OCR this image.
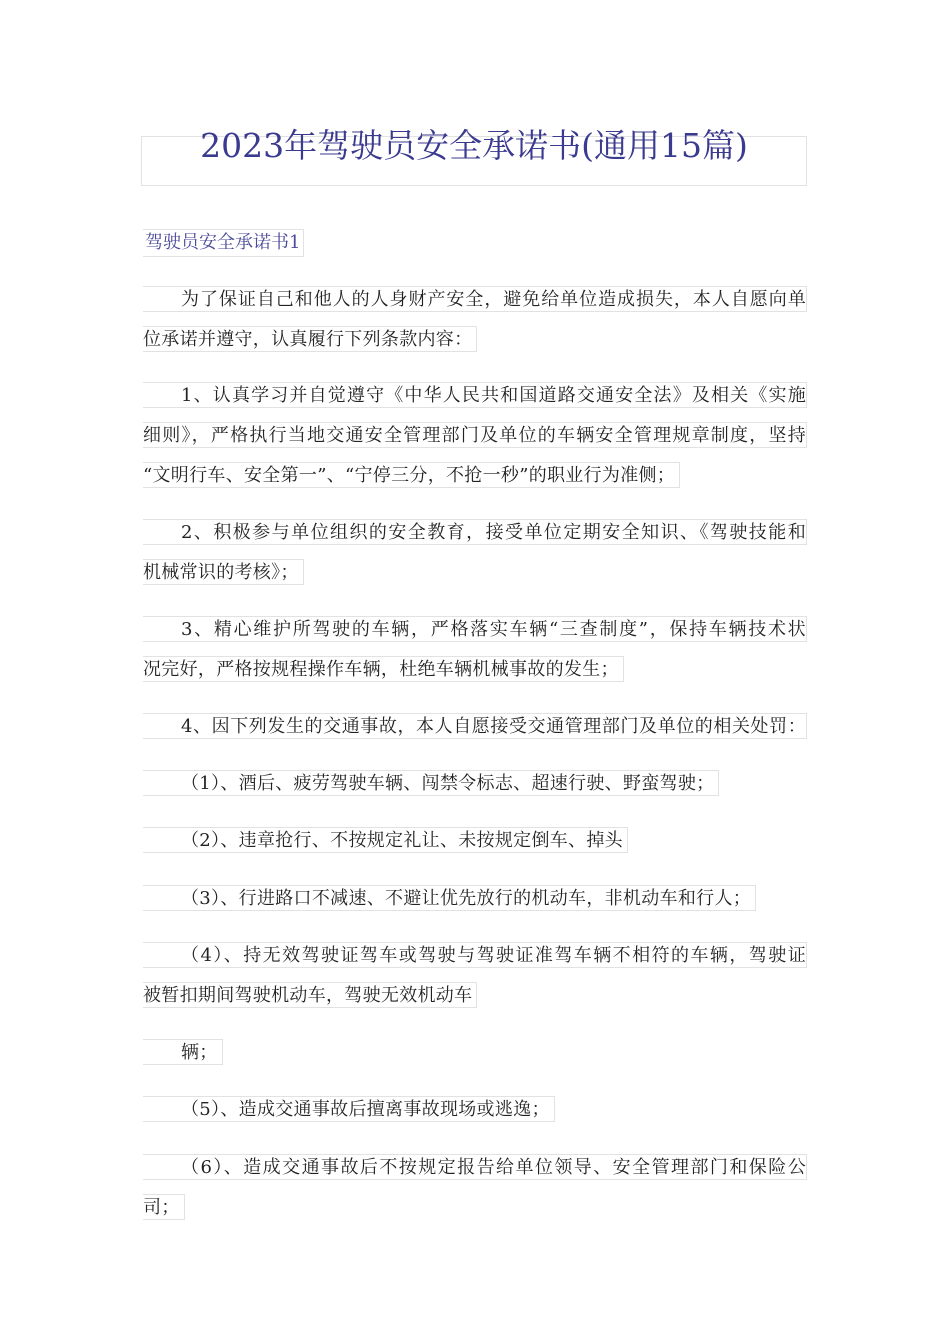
2023年驾驶员安全承诺书(通用15篇)
驾驶员安全承诺书1
为了保证自己和他人的人身财产安全，避免给单位造成损失，本人自愿向单
位承诺并遵守，认真履行下列条款内容：
1、认真学习并自觉遵守《中华人民共和国道路交通安全法》及相关《实施
细则》，严格执行当地交通安全管理部门及单位的车辆安全管理规章制度，坚持
“文明行车、安全第一”、“宁停三分，不抢一秒”的职业行为准侧；
2、积极参与单位组织的安全教育，接受单位定期安全知识、《驾驶技能和
机械常识的考核》；
3、精心维护所驾驶的车辆，严格落实车辆“三查制度”，保持车辆技术状
况完好，严格按规程操作车辆，杜绝车辆机械事故的发生；
4、因下列发生的交通事故，本人自愿接受交通管理部门及单位的相关处罚：
（1）、酒后、疲劳驾驶车辆、闯禁令标志、超速行驶、野蛮驾驶；
（2）、违章抢行、不按规定礼让、未按规定倒车、掉头
（3）、行进路口不减速、不避让优先放行的机动车，非机动车和行人；
（4）、持无效驾驶证驾车或驾驶与驾驶证准驾车辆不相符的车辆，驾驶证
被暂扣期间驾驶机动车，驾驶无效机动车
辆；
（5）、造成交通事故后擅离事故现场或逃逸；
（6）、造成交通事故后不按规定报告给单位领导、安全管理部门和保险公
司；
